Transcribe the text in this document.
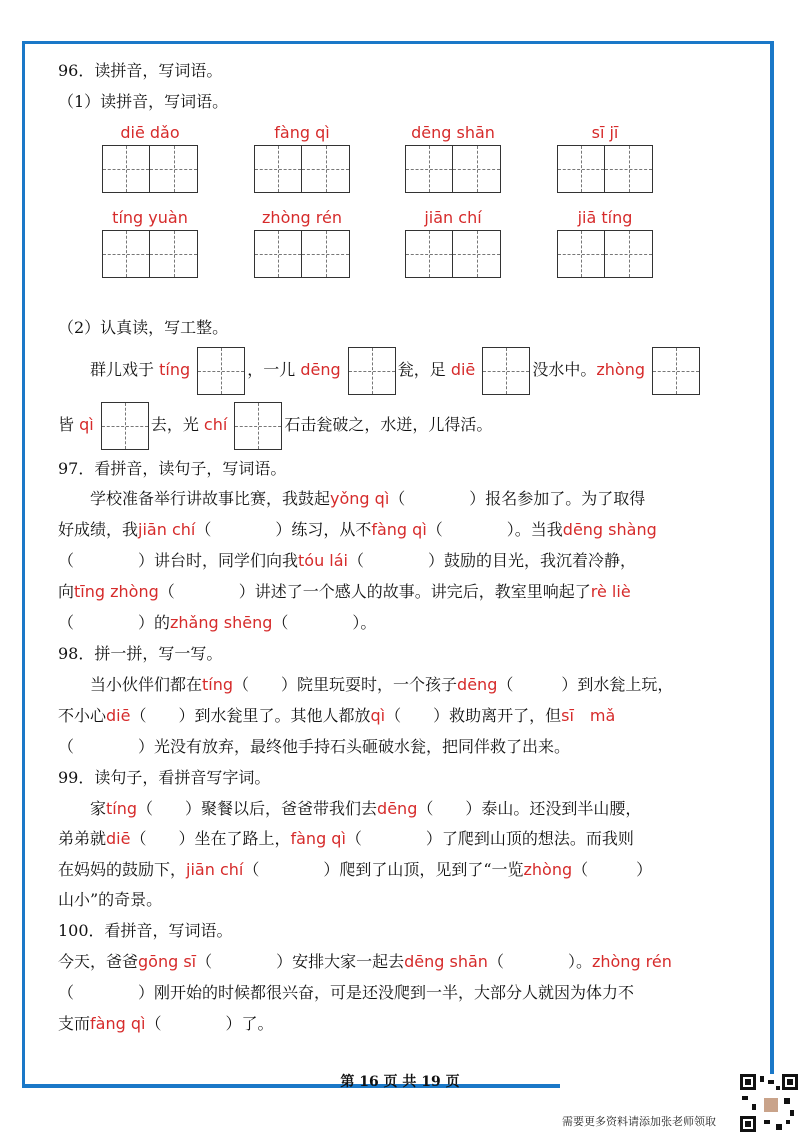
96．读拼音，写词语。
（1）读拼音，写词语。
diē dǎo	fàng qì	dēng shān	sī jī
tíng yuàn	zhòng rén	jiān chí	jiā tíng
（2）认真读，写工整。
群儿戏于 tíng	，一儿 dēng	瓮，足 diē	没水中。zhòng
皆 qì	去，光 chí	石击瓮破之，水迸，儿得活。
97．看拼音，读句子，写词语。
学校准备举行讲故事比赛，我鼓起yǒng qì（　　　　）报名参加了。为了取得
好成绩，我jiān chí（　　　　）练习，从不fàng qì（　　　　）。当我dēng shàng
（　　　　）讲台时，同学们向我tóu lái（　　　　）鼓励的目光，我沉着冷静，
向tīng zhòng（　　　　）讲述了一个感人的故事。讲完后，教室里响起了rè liè
（　　　　）的zhǎng shēng（　　　　）。
98．拼一拼，写一写。
当小伙伴们都在tíng（　　）院里玩耍时，一个孩子dēng（　　　）到水瓮上玩，
不小心diē（　　）到水瓮里了。其他人都放qì（　　）救助离开了，但sī　mǎ
（　　　　）光没有放弃，最终他手持石头砸破水瓮，把同伴救了出来。
99．读句子，看拼音写字词。
家tíng（　　）聚餐以后，爸爸带我们去dēng（　　）泰山。还没到半山腰，
弟弟就diē（　　）坐在了路上，fàng qì（　　　　）了爬到山顶的想法。而我则
在妈妈的鼓励下，jiān chí（　　　　）爬到了山顶，见到了“一览zhòng（　　　）
山小”的奇景。
100．看拼音，写词语。
今天，爸爸gōng sī（　　　　）安排大家一起去dēng shān（　　　　）。zhòng rén
（　　　　）刚开始的时候都很兴奋，可是还没爬到一半，大部分人就因为体力不
支而fàng qì（　　　　）了。
第 16 页 共 19 页
需要更多资料请添加张老师领取
